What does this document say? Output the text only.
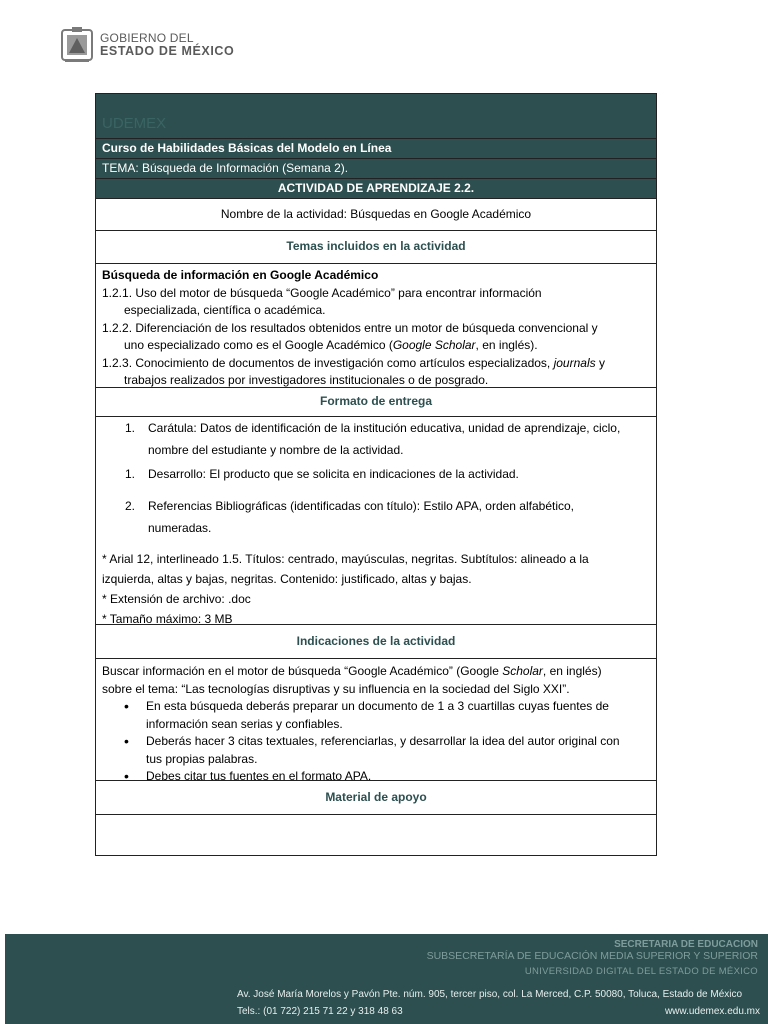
GOBIERNO DEL
ESTADO DE MÉXICO
UDEMEX
Curso de Habilidades Básicas del Modelo en Línea
TEMA: Búsqueda de Información (Semana 2).
ACTIVIDAD DE APRENDIZAJE 2.2.
Nombre de la actividad: Búsquedas en Google Académico
Temas incluidos en la actividad
Búsqueda de información en Google Académico
1.2.1. Uso del motor de búsqueda “Google Académico” para encontrar información
especializada, científica o académica.
1.2.2. Diferenciación de los resultados obtenidos entre un motor de búsqueda convencional y
uno especializado como es el Google Académico (Google Scholar, en inglés).
1.2.3. Conocimiento de documentos de investigación como artículos especializados, journals y
trabajos realizados por investigadores institucionales o de posgrado.
Formato de entrega
1. Carátula: Datos de identificación de la institución educativa, unidad de aprendizaje, ciclo,
nombre del estudiante y nombre de la actividad.
1. Desarrollo: El producto que se solicita en indicaciones de la actividad.
2. Referencias Bibliográficas (identificadas con título): Estilo APA, orden alfabético,
numeradas.
* Arial 12, interlineado 1.5. Títulos: centrado, mayúsculas, negritas. Subtítulos: alineado a la
izquierda, altas y bajas, negritas. Contenido: justificado, altas y bajas.
* Extensión de archivo: .doc
* Tamaño máximo: 3 MB
Indicaciones de la actividad
Buscar información en el motor de búsqueda “Google Académico” (Google Scholar, en inglés)
sobre el tema: “Las tecnologías disruptivas y su influencia en la sociedad del Siglo XXI”.
• En esta búsqueda deberás preparar un documento de 1 a 3 cuartillas cuyas fuentes de
información sean serias y confiables.
• Deberás hacer 3 citas textuales, referenciarlas, y desarrollar la idea del autor original con
tus propias palabras.
• Debes citar tus fuentes en el formato APA.
Material de apoyo
SECRETARIA DE EDUCACION
SUBSECRETARÍA DE EDUCACIÓN MEDIA SUPERIOR Y SUPERIOR
UNIVERSIDAD DIGITAL DEL ESTADO DE MÉXICO
Av. José María Morelos y Pavón Pte. núm. 905, tercer piso, col. La Merced, C.P. 50080, Toluca, Estado de México
Tels.: (01 722) 215 71 22 y 318 48 63	www.udemex.edu.mx
